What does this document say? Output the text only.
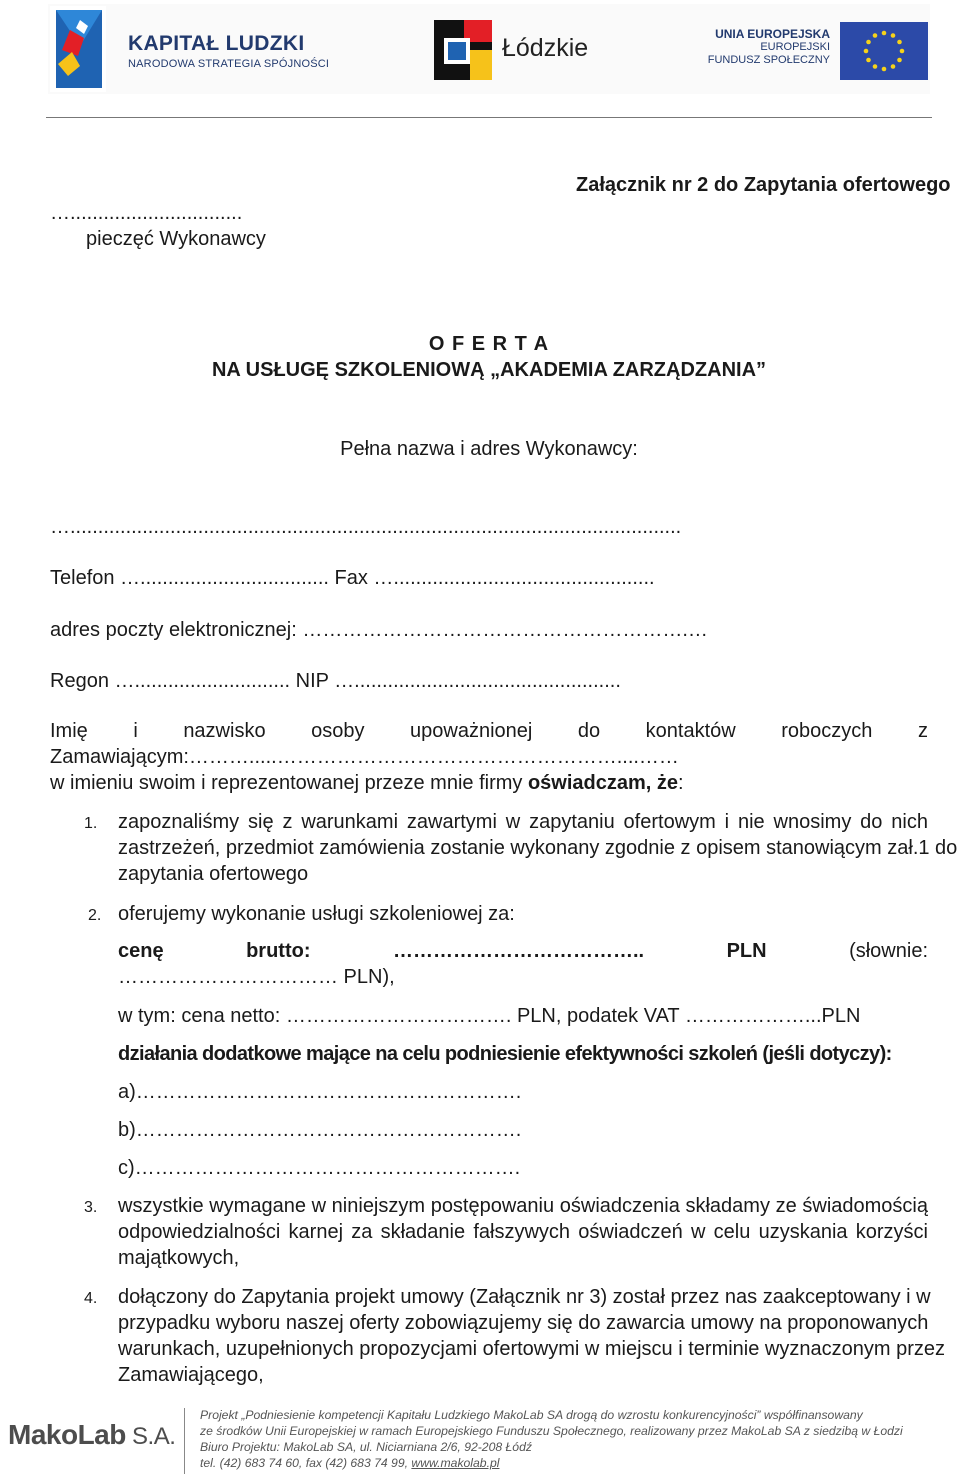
KAPITAŁ LUDZKI
NARODOWA STRATEGIA SPÓJNOŚCI
Łódzkie	UNIA EUROPEJSKA
EUROPEJSKI
FUNDUSZ SPOŁECZNY
Załącznik nr 2 do Zapytania ofertowego
…...............................
pieczęć Wykonawcy
O F E R T A
NA USŁUGĘ SZKOLENIOWĄ „AKADEMIA ZARZĄDZANIA”
Pełna nazwa i adres Wykonawcy:
…..............................................................................................................
Telefon ….................................. Fax …...............................................
adres poczty elektronicznej: ………………………………………………….…
Regon …............................ NIP …................................................
Imię i nazwisko osoby upoważnionej do kontaktów roboczych z
Zamawiającym:……….....……………………………………………....……
w imieniu swoim i reprezentowanej przeze mnie firmy oświadczam, że:
1. zapoznaliśmy się z warunkami zawartymi w zapytaniu ofertowym i nie wnosimy do nich
zastrzeżeń, przedmiot zamówienia zostanie wykonany zgodnie z opisem stanowiącym zał.1 do
zapytania ofertowego
2. oferujemy wykonanie usługi szkoleniowej za:
cenę	brutto:	………………………………..	PLN	(słownie:
…………………………… PLN),
w tym: cena netto: ……………………………. PLN, podatek VAT ………………...PLN
działania dodatkowe mające na celu podniesienie efektywności szkoleń (jeśli dotyczy):
a)………………………………………………….
b)………………………………………………….
c)………………………………………………….
3. wszystkie wymagane w niniejszym postępowaniu oświadczenia składamy ze świadomością
odpowiedzialności karnej za składanie fałszywych oświadczeń w celu uzyskania korzyści
majątkowych,
4. dołączony do Zapytania projekt umowy (Załącznik nr 3) został przez nas zaakceptowany i w
przypadku wyboru naszej oferty zobowiązujemy się do zawarcia umowy na proponowanych
warunkach, uzupełnionych propozycjami ofertowymi w miejscu i terminie wyznaczonym przez
Zamawiającego,
MakoLab S.A.
Projekt „Podniesienie kompetencji Kapitału Ludzkiego MakoLab SA drogą do wzrostu konkurencyjności” współfinansowany
ze środków Unii Europejskiej w ramach Europejskiego Funduszu Społecznego, realizowany przez MakoLab SA z siedzibą w Łodzi
Biuro Projektu: MakoLab SA, ul. Niciarniana 2/6, 92-208 Łódź
tel. (42) 683 74 60, fax (42) 683 74 99, www.makolab.pl
